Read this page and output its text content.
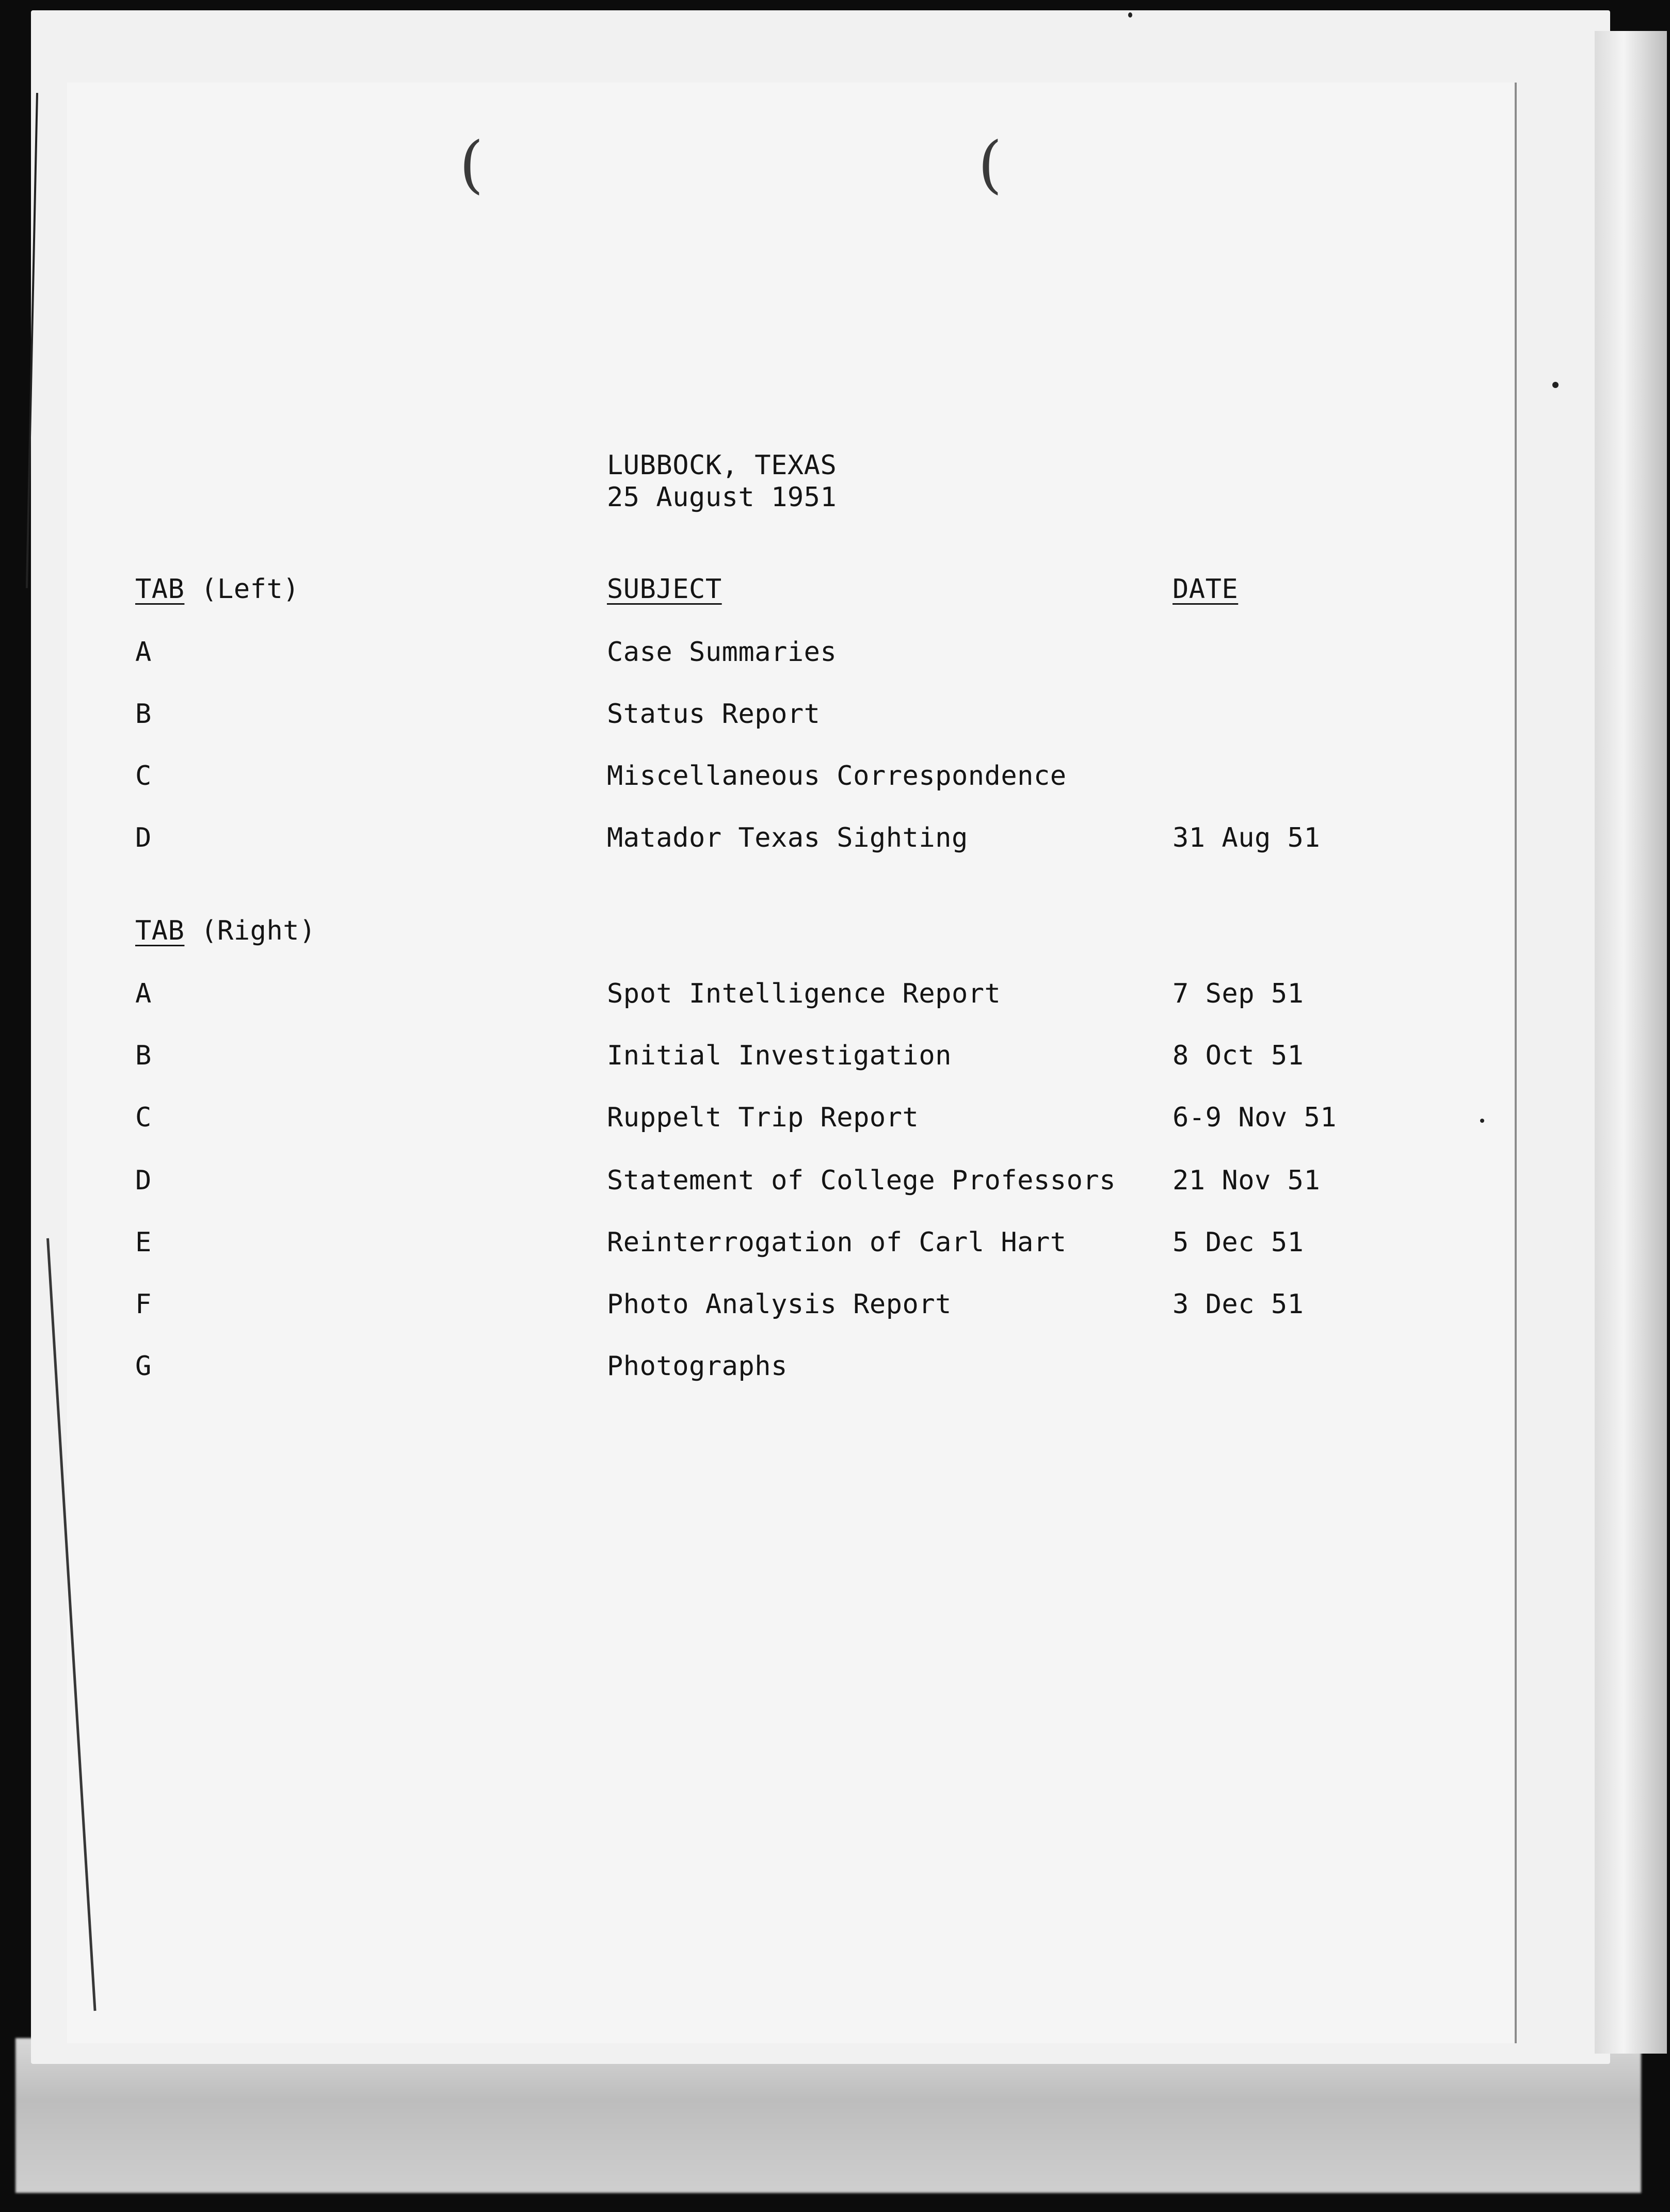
(	(
LUBBOCK, TEXAS
25 August 1951
TAB (Left)	SUBJECT	DATE
A	Case Summaries
B	Status Report
C	Miscellaneous Correspondence
D	Matador Texas Sighting	31 Aug 51
TAB (Right)
A	Spot Intelligence Report	7 Sep 51
B	Initial Investigation	8 Oct 51
C	Ruppelt Trip Report	6-9 Nov 51
D	Statement of College Professors 21 Nov 51
E	Reinterrogation of Carl Hart	5 Dec 51
F	Photo Analysis Report	3 Dec 51
G	Photographs
